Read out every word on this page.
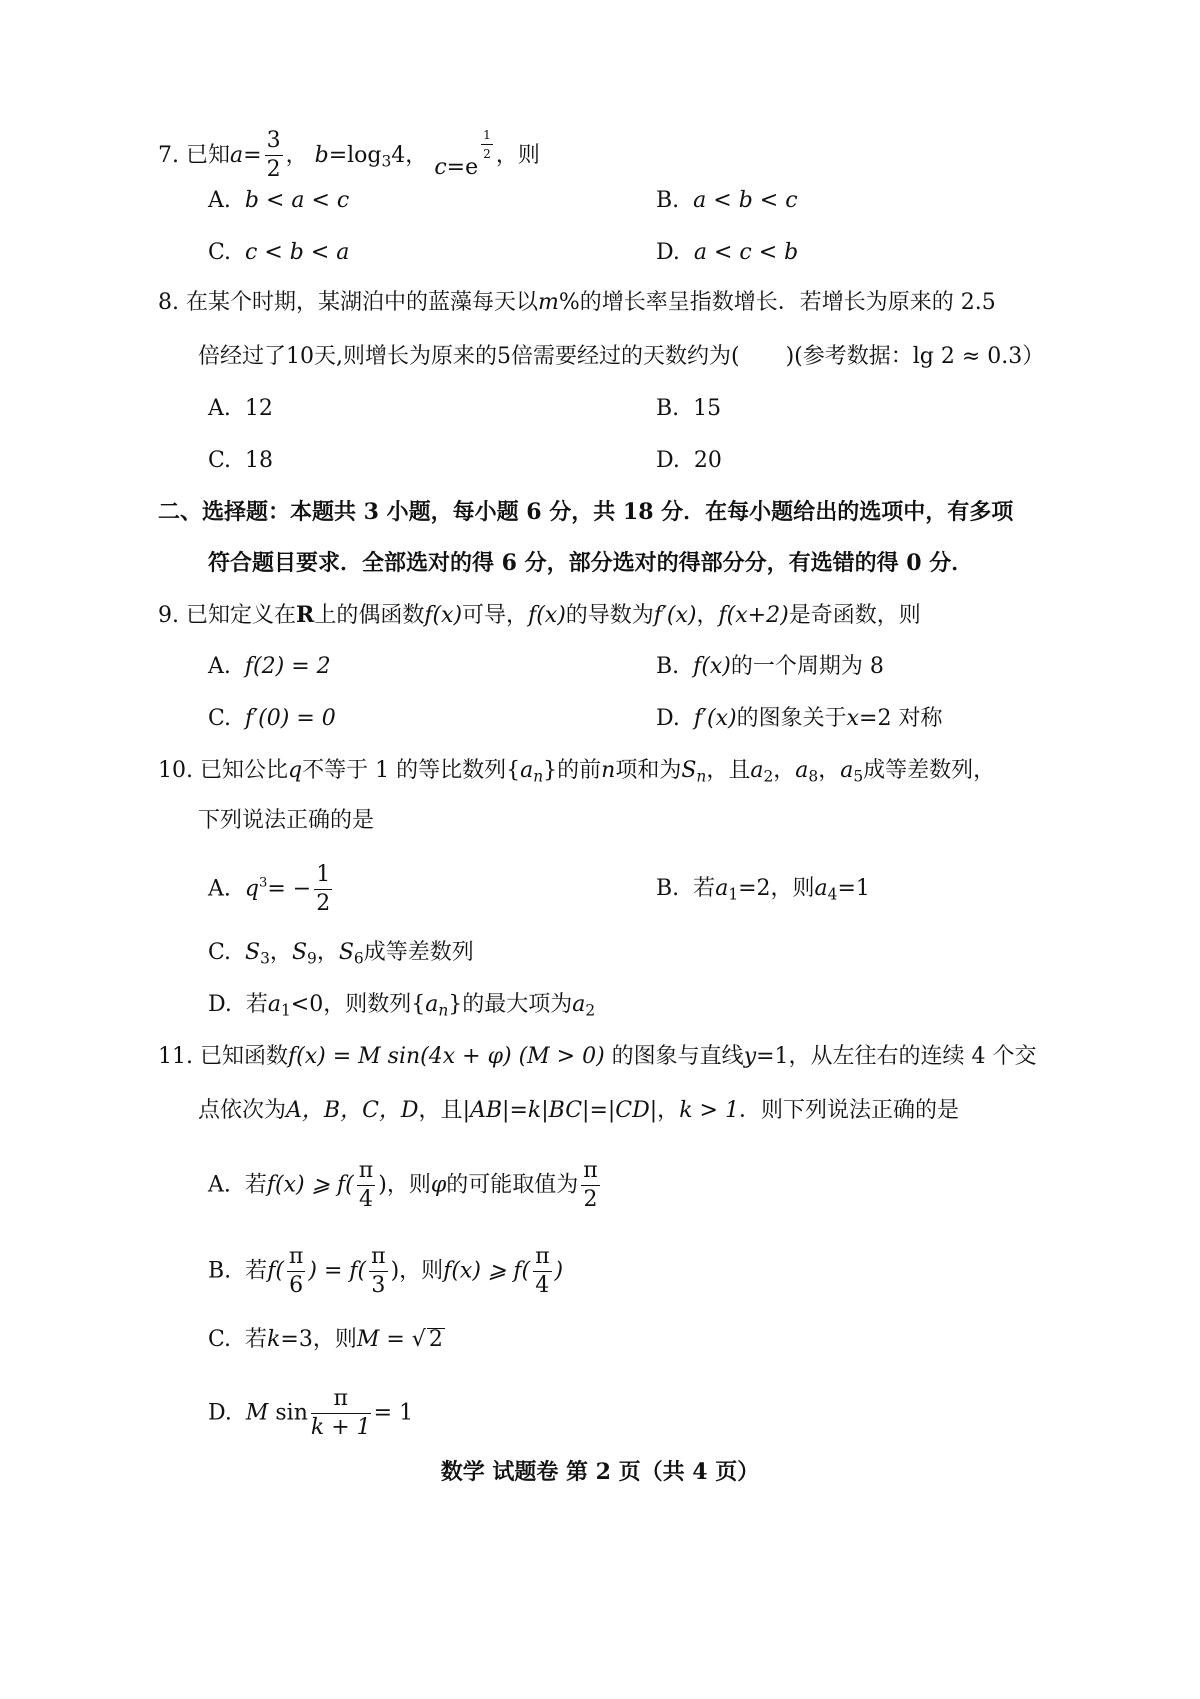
7. 已知$a= \frac{3}{2}$ ， $b=\log_34$， c=e
$\frac{1}{2}$ ，则
A. b < a < c	B. a < b < c
C. c < b < a	D. a < c < b
8. 在某个时期，某湖泊中的蓝藻每天以m%的增长率呈指数增长．若增长为原来的 2.5
倍经过了10天,则增长为原来的5倍需要经过的天数约为( )(参考数据：lg 2 ≈ 0.3）
A. 12	B. 15
C. 18	D. 20
二、选择题：本题共 3 小题，每小题 6 分，共 18 分．在每小题给出的选项中，有多项
符合题目要求．全部选对的得 6 分，部分选对的得部分分，有选错的得 0 分．
9. 已知定义在R上的偶函数f(x)可导，f(x)的导数为f′(x)，f(x+2)是奇函数，则
A. f(2) = 2	B. f(x)的一个周期为 8
C. f′(0) = 0	D. f′(x)的图象关于x=2 对称
10. 已知公比q不等于 1 的等比数列$\{a_n\}$的前n项和为$S_n$，且$a_2$，$a_8$，$a_5$成等差数列，
下列说法正确的是
A. $q^3= - \frac{1}{2}$	B. 若$a_1=2$，则$a_4=1$
C. $S_3$，$S_9$，$S_6$成等差数列
D. 若$a_1<0$，则数列$\{a_n\}$的最大项为$a_2$
11. 已知函数f(x) = M sin(4x + φ) (M > 0) 的图象与直线y=1，从左往右的连续 4 个交
点依次为A，B，C，D，且|AB|=k|BC|=|CD|，k > 1．则下列说法正确的是
A. 若f(x) ⩾ $f( \frac{\pi}{4}$ )，则φ的可能取值为 $\frac{\pi}{2}$
B. 若$f( \frac{\pi}{6}$ ) = $f( \frac{\pi}{3}$ )，则f(x) ⩾ $f( \frac{\pi}{4}$ )
C. 若k=3，则M = √ 2
D. M $\sin \frac{\pi}{k + 1} = 1$
数学 试题卷 第 2 页（共 4 页）
